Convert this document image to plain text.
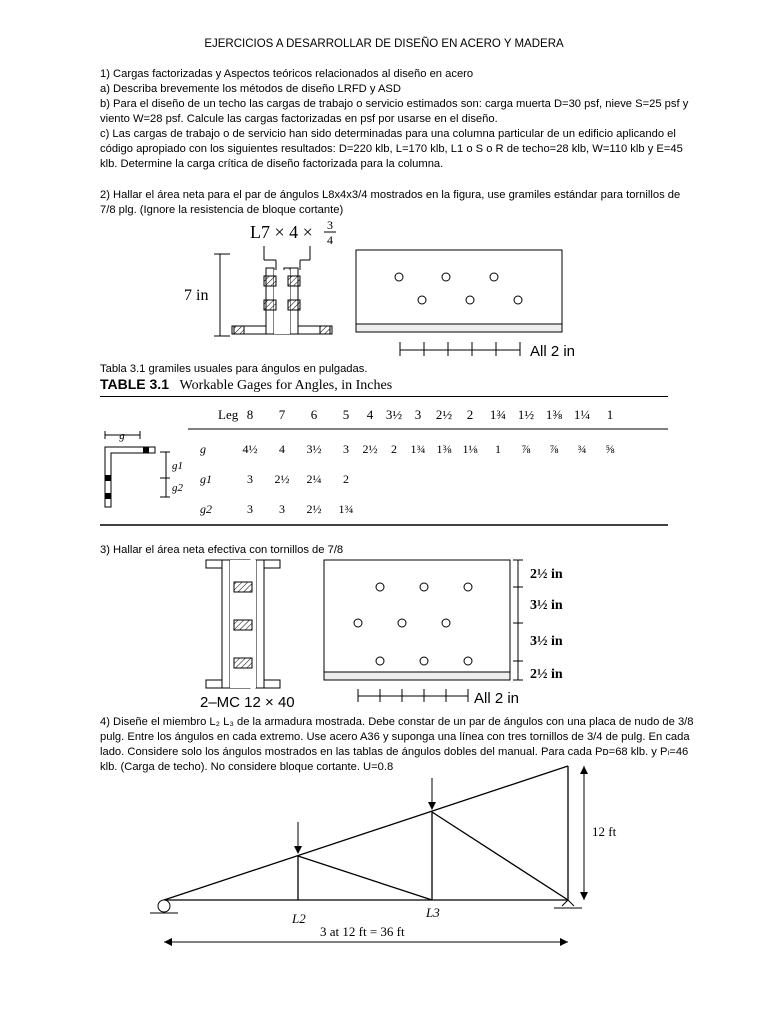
EJERCICIOS A DESARROLLAR DE DISEÑO EN ACERO Y MADERA
1) Cargas factorizadas y Aspectos teóricos relacionados al diseño en acero
a) Describa brevemente los métodos de diseño LRFD y ASD
b) Para el diseño de un techo las cargas de trabajo o servicio estimados son: carga muerta D=30 psf, nieve S=25 psf y
viento W=28 psf. Calcule las cargas factorizadas en psf por usarse en el diseño.
c) Las cargas de trabajo o de servicio han sido determinadas para una columna particular de un edificio aplicando el
código apropiado con los siguientes resultados: D=220 klb, L=170 klb, L1 o S o R de techo=28 klb, W=110 klb y E=45
klb. Determine la carga crítica de diseño factorizada para la columna.
2) Hallar el área neta para el par de ángulos L8x4x3/4 mostrados en la figura, use gramiles estándar para tornillos de
7/8 plg. (Ignore la resistencia de bloque cortante)
L7 × 4 × 3
4
7 in
All 2 in
Tabla 3.1 gramiles usuales para ángulos en pulgadas.
TABLE 3.1 Workable Gages for Angles, in Inches
g
g1
g2
Leg 8 7 6 5 4 3½ 3 2½ 2 1¾ 1½ 1⅜ 1¼ 1
g	4½ 4 3½ 3 2½ 2 1¾ 1⅜ 1⅛ 1 ⅞ ⅞ ¾ ⅝
g1	3 2½ 2¼ 2
g2	3 3 2½ 1¾
3) Hallar el área neta efectiva con tornillos de 7/8
2–MC 12 × 40
2½ in
3½ in
3½ in
2½ in
All 2 in
4) Diseñe el miembro L₂ L₃ de la armadura mostrada. Debe constar de un par de ángulos con una placa de nudo de 3/8
pulg. Entre los ángulos en cada extremo. Use acero A36 y suponga una línea con tres tornillos de 3/4 de pulg. En cada
lado. Considere solo los ángulos mostrados en las tablas de ángulos dobles del manual. Para cada Pᴅ=68 klb. y Pₗ=46
klb. (Carga de techo). No considere bloque cortante. U=0.8
12 ft
L2	L3
3 at 12 ft = 36 ft
